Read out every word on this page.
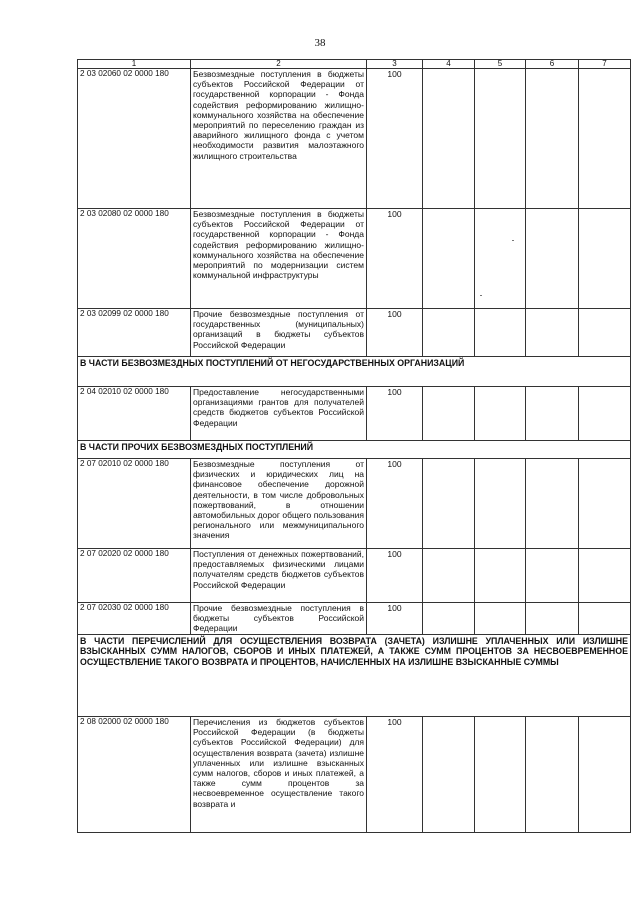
38
1	2	3	4	5	6	7
2 03 02060 02 0000 180	Безвозмездные поступления в бюджеты субъектов Российской Федерации от государственной корпорации - Фонда содействия реформированию жилищно-коммунального хозяйства на обеспечение мероприятий по переселению граждан из аварийного жилищного фонда с учетом необходимости развития малоэтажного жилищного строительства	100				
2 03 02080 02 0000 180	Безвозмездные поступления в бюджеты субъектов Российской Федерации от государственной корпорации - Фонда содействия реформированию жилищно-коммунального хозяйства на обеспечение мероприятий по модернизации систем коммунальной инфраструктуры	100				
2 03 02099 02 0000 180	Прочие безвозмездные поступления от государственных (муниципальных) организаций в бюджеты субъектов Российской Федерации	100				
В ЧАСТИ БЕЗВОЗМЕЗДНЫХ ПОСТУПЛЕНИЙ ОТ НЕГОСУДАРСТВЕННЫХ ОРГАНИЗАЦИЙ						
2 04 02010 02 0000 180	Предоставление негосударственными организациями грантов для получателей средств бюджетов субъектов Российской Федерации	100				
В ЧАСТИ ПРОЧИХ БЕЗВОЗМЕЗДНЫХ ПОСТУПЛЕНИЙ						
2 07 02010 02 0000 180	Безвозмездные поступления от физических и юридических лиц на финансовое обеспечение дорожной деятельности, в том числе добровольных пожертвований, в отношении автомобильных дорог общего пользования регионального или межмуниципального значения	100				
2 07 02020 02 0000 180	Поступления от денежных пожертвований, предоставляемых физическими лицами получателям средств бюджетов субъектов Российской Федерации	100				
2 07 02030 02 0000 180	Прочие безвозмездные поступления в бюджеты субъектов Российской Федерации	100				
В ЧАСТИ ПЕРЕЧИСЛЕНИЙ ДЛЯ ОСУЩЕСТВЛЕНИЯ ВОЗВРАТА (ЗАЧЕТА) ИЗЛИШНЕ УПЛАЧЕННЫХ ИЛИ ИЗЛИШНЕ ВЗЫСКАННЫХ СУММ НАЛОГОВ, СБОРОВ И ИНЫХ ПЛАТЕЖЕЙ, А ТАКЖЕ СУММ ПРОЦЕНТОВ ЗА НЕСВОЕВРЕМЕННОЕ ОСУЩЕСТВЛЕНИЕ ТАКОГО ВОЗВРАТА И ПРОЦЕНТОВ, НАЧИСЛЕННЫХ НА ИЗЛИШНЕ ВЗЫСКАННЫЕ СУММЫ						
2 08 02000 02 0000 180	Перечисления из бюджетов субъектов Российской Федерации (в бюджеты субъектов Российской Федерации) для осуществления возврата (зачета) излишне уплаченных или излишне взысканных сумм налогов, сборов и иных платежей, а также сумм процентов за несвоевременное осуществление такого возврата и	100				
